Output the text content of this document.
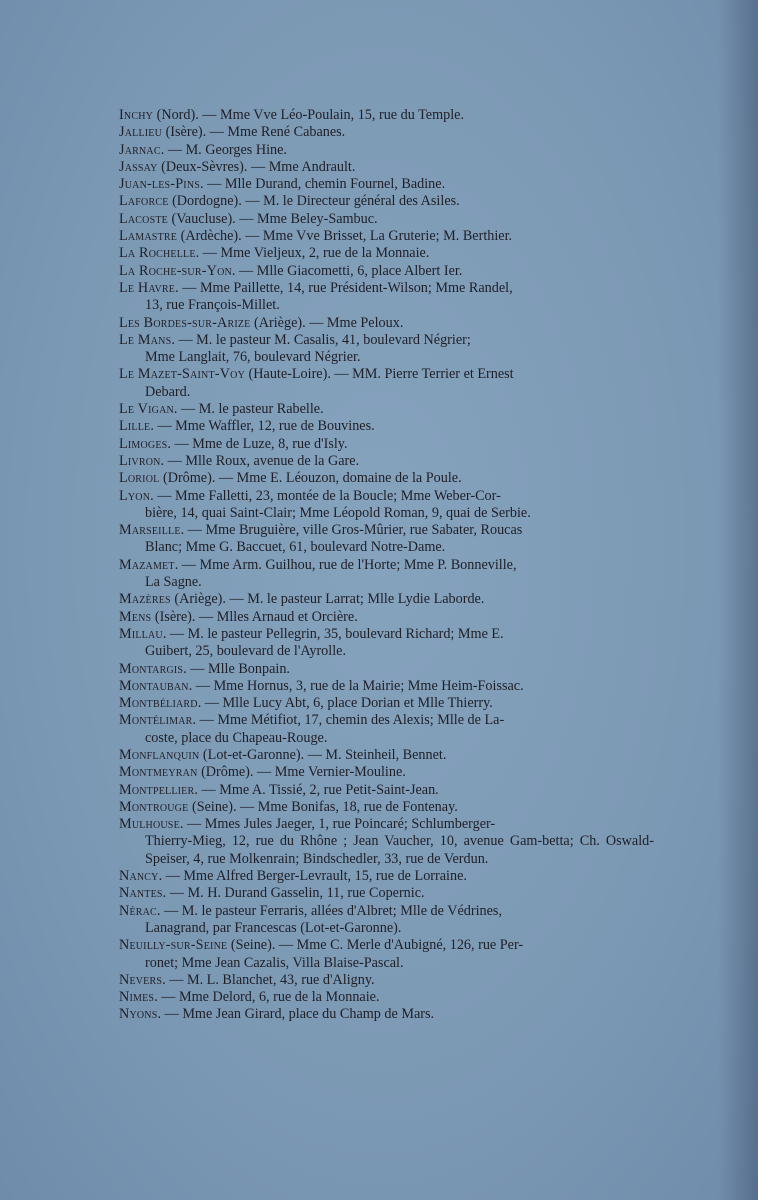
Inchy (Nord). — Mme Vve Léo-Poulain, 15, rue du Temple.

Jallieu (Isère). — Mme René Cabanes.

Jarnac. — M. Georges Hine.

Jassay (Deux-Sèvres). — Mme Andrault.

Juan-les-Pins. — Mlle Durand, chemin Fournel, Badine.

Laforce (Dordogne). — M. le Directeur général des Asiles.

Lacoste (Vaucluse). — Mme Beley-Sambuc.

Lamastre (Ardèche). — Mme Vve Brisset, La Gruterie; M. Berthier.

La Rochelle. — Mme Vieljeux, 2, rue de la Monnaie.

La Roche-sur-Yon. — Mlle Giacometti, 6, place Albert Ier.

Le Havre. — Mme Paillette, 14, rue Président-Wilson; Mme Randel,
13, rue François-Millet.

Les Bordes-sur-Arize (Ariège). — Mme Peloux.

Le Mans. — M. le pasteur M. Casalis, 41, boulevard Négrier;
Mme Langlait, 76, boulevard Négrier.

Le Mazet-Saint-Voy (Haute-Loire). — MM. Pierre Terrier et Ernest
Debard.

Le Vigan. — M. le pasteur Rabelle.

Lille. — Mme Waffler, 12, rue de Bouvines.

Limoges. — Mme de Luze, 8, rue d'Isly.

Livron. — Mlle Roux, avenue de la Gare.

Loriol (Drôme). — Mme E. Léouzon, domaine de la Poule.

Lyon. — Mme Falletti, 23, montée de la Boucle; Mme Weber-Cor-
bière, 14, quai Saint-Clair; Mme Léopold Roman, 9, quai de Serbie.

Marseille. — Mme Bruguière, ville Gros-Mûrier, rue Sabater, Roucas
Blanc; Mme G. Baccuet, 61, boulevard Notre-Dame.

Mazamet. — Mme Arm. Guilhou, rue de l'Horte; Mme P. Bonneville,
La Sagne.

Mazères (Ariège). — M. le pasteur Larrat; Mlle Lydie Laborde.

Mens (Isère). — Mlles Arnaud et Orcière.

Millau. — M. le pasteur Pellegrin, 35, boulevard Richard; Mme E.
Guibert, 25, boulevard de l'Ayrolle.

Montargis. — Mlle Bonpain.

Montauban. — Mme Hornus, 3, rue de la Mairie; Mme Heim-Foissac.

Montbéliard. — Mlle Lucy Abt, 6, place Dorian et Mlle Thierry.

Montélimar. — Mme Métifiot, 17, chemin des Alexis; Mlle de La-
coste, place du Chapeau-Rouge.

Monflanquin (Lot-et-Garonne). — M. Steinheil, Bennet.

Montmeyran (Drôme). — Mme Vernier-Mouline.

Montpellier. — Mme A. Tissié, 2, rue Petit-Saint-Jean.

Montrouge (Seine). — Mme Bonifas, 18, rue de Fontenay.

Mulhouse. — Mmes Jules Jaeger, 1, rue Poincaré; Schlumberger-
Thierry-Mieg, 12, rue du Rhône ; Jean Vaucher, 10, avenue Gam-betta; Ch. Oswald-Speiser, 4, rue Molkenrain; Bindschedler, 33, rue de Verdun.

Nancy. — Mme Alfred Berger-Levrault, 15, rue de Lorraine.

Nantes. — M. H. Durand Gasselin, 11, rue Copernic.

Nérac. — M. le pasteur Ferraris, allées d'Albret; Mlle de Védrines,
Lanagrand, par Francescas (Lot-et-Garonne).

Neuilly-sur-Seine (Seine). — Mme C. Merle d'Aubigné, 126, rue Per-
ronet; Mme Jean Cazalis, Villa Blaise-Pascal.

Nevers. — M. L. Blanchet, 43, rue d'Aligny.

Nimes. — Mme Delord, 6, rue de la Monnaie.

Nyons. — Mme Jean Girard, place du Champ de Mars.
